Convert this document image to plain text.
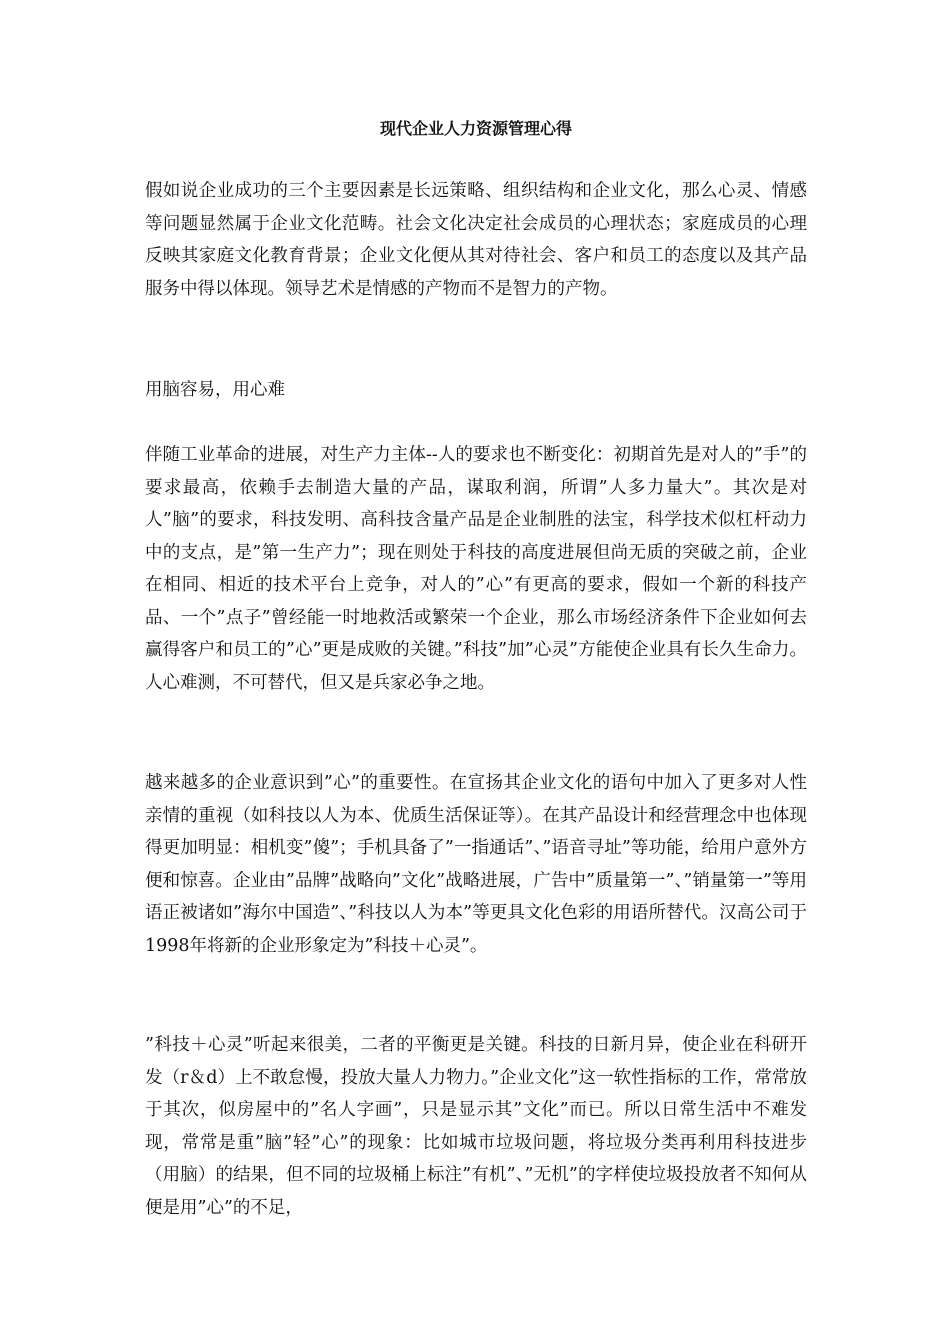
现代企业人力资源管理心得

假如说企业成功的三个主要因素是长远策略、组织结构和企业文化，那么心灵、情感等问题显然属于企业文化范畴。社会文化决定社会成员的心理状态；家庭成员的心理反映其家庭文化教育背景；企业文化便从其对待社会、客户和员工的态度以及其产品服务中得以体现。领导艺术是情感的产物而不是智力的产物。

用脑容易，用心难

伴随工业革命的进展，对生产力主体--人的要求也不断变化：初期首先是对人的”手”的要求最高，依赖手去制造大量的产品，谋取利润，所谓”人多力量大”。其次是对人”脑”的要求，科技发明、高科技含量产品是企业制胜的法宝，科学技术似杠杆动力中的支点，是”第一生产力”；现在则处于科技的高度进展但尚无质的突破之前，企业在相同、相近的技术平台上竞争，对人的”心”有更高的要求，假如一个新的科技产品、一个”点子”曾经能一时地救活或繁荣一个企业，那么市场经济条件下企业如何去赢得客户和员工的”心”更是成败的关键。”科技”加”心灵”方能使企业具有长久生命力。人心难测，不可替代，但又是兵家必争之地。

越来越多的企业意识到”心”的重要性。在宣扬其企业文化的语句中加入了更多对人性亲情的重视（如科技以人为本、优质生活保证等）。在其产品设计和经营理念中也体现得更加明显：相机变”傻”；手机具备了”一指通话”、”语音寻址”等功能，给用户意外方便和惊喜。企业由”品牌”战略向”文化”战略进展，广告中”质量第一”、”销量第一”等用语正被诸如”海尔中国造”、”科技以人为本”等更具文化色彩的用语所替代。汉高公司于1998年将新的企业形象定为”科技＋心灵”。

”科技＋心灵”听起来很美，二者的平衡更是关键。科技的日新月异，使企业在科研开发（r＆d）上不敢怠慢，投放大量人力物力。”企业文化”这一软性指标的工作，常常放于其次，似房屋中的”名人字画”，只是显示其”文化”而已。所以日常生活中不难发现，常常是重”脑”轻”心”的现象：比如城市垃圾问题，将垃圾分类再利用科技进步（用脑）的结果，但不同的垃圾桶上标注”有机”、”无机”的字样使垃圾投放者不知何从便是用”心”的不足，
